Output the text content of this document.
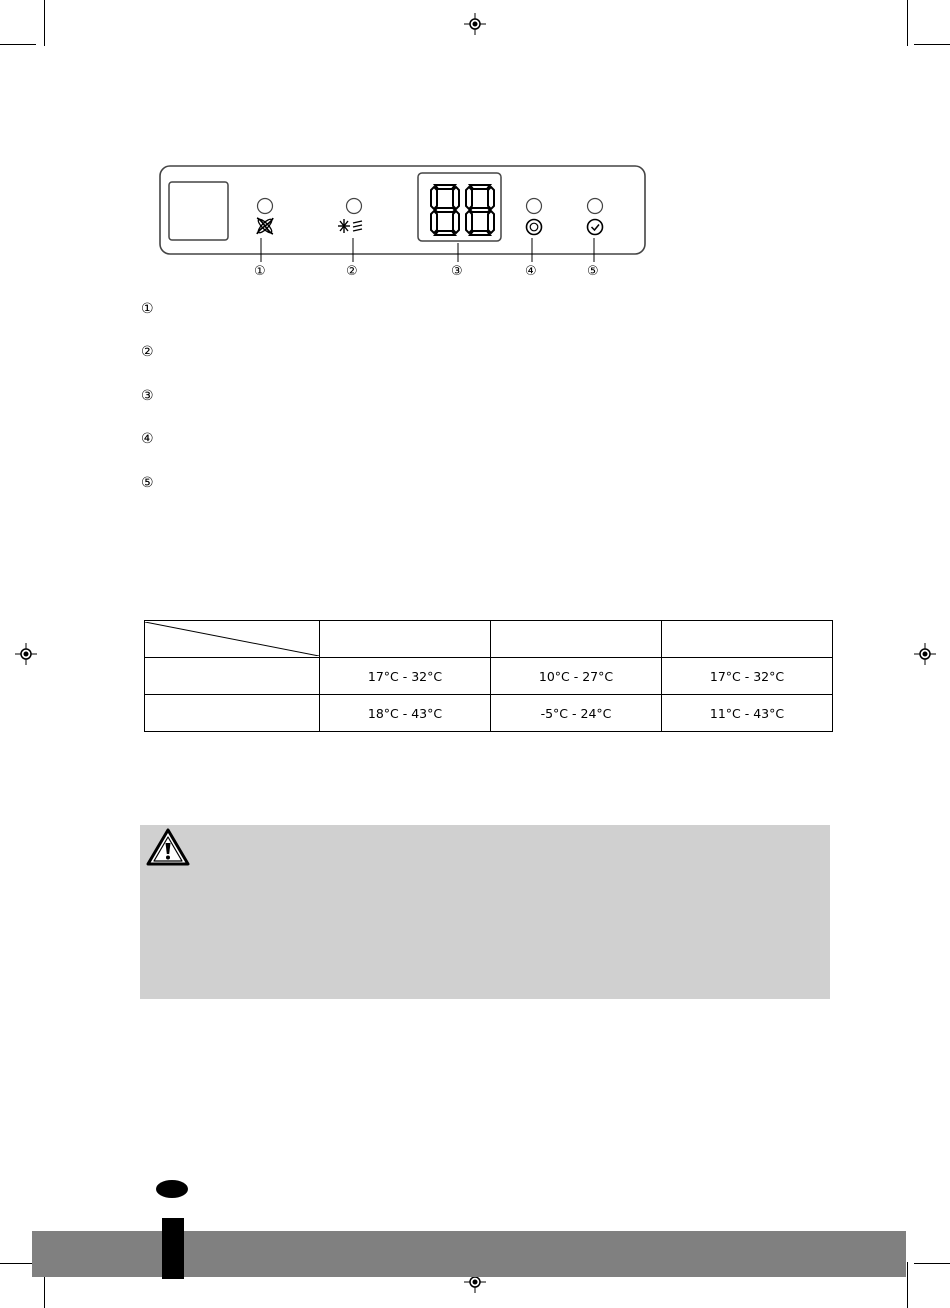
①	②	③	④	⑤
①
②
③
④
⑤

	17°C - 32°C	10°C - 27°C	17°C - 32°C
	18°C - 43°C	-5°C - 24°C	11°C - 43°C
